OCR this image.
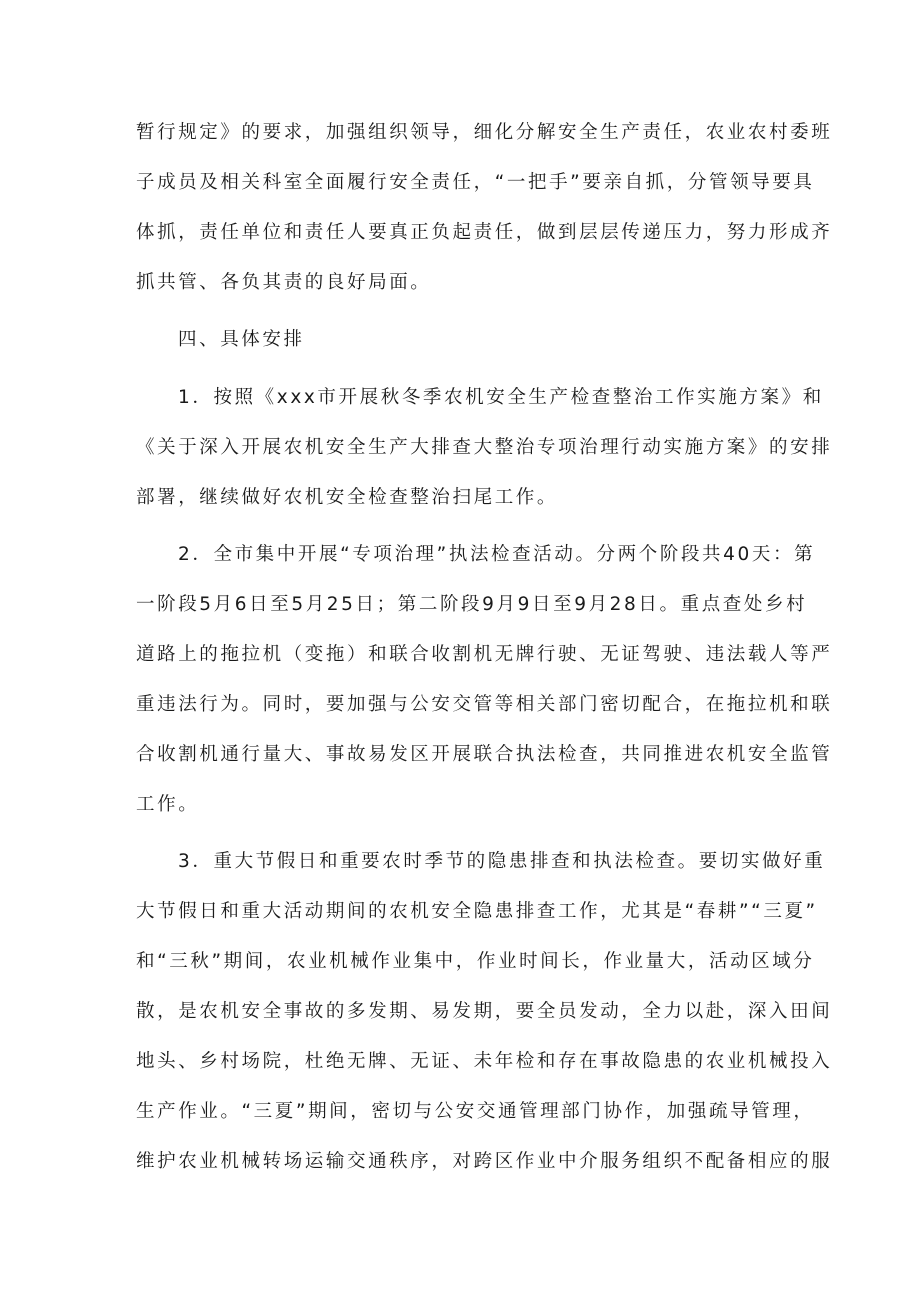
暂行规定》的要求，加强组织领导，细化分解安全生产责任，农业农村委班
子成员及相关科室全面履行安全责任，“一把手”要亲自抓，分管领导要具
体抓，责任单位和责任人要真正负起责任，做到层层传递压力，努力形成齐
抓共管、各负其责的良好局面。
四、具体安排
1．按照《xxx市开展秋冬季农机安全生产检查整治工作实施方案》和
《关于深入开展农机安全生产大排查大整治专项治理行动实施方案》的安排
部署，继续做好农机安全检查整治扫尾工作。
2．全市集中开展“专项治理”执法检查活动。分两个阶段共40天：第
一阶段5月6日至5月25日；第二阶段9月9日至9月28日。重点查处乡村
道路上的拖拉机（变拖）和联合收割机无牌行驶、无证驾驶、违法载人等严
重违法行为。同时，要加强与公安交管等相关部门密切配合，在拖拉机和联
合收割机通行量大、事故易发区开展联合执法检查，共同推进农机安全监管
工作。
3．重大节假日和重要农时季节的隐患排查和执法检查。要切实做好重
大节假日和重大活动期间的农机安全隐患排查工作，尤其是“春耕”“三夏”
和“三秋”期间，农业机械作业集中，作业时间长，作业量大，活动区域分
散，是农机安全事故的多发期、易发期，要全员发动，全力以赴，深入田间
地头、乡村场院，杜绝无牌、无证、未年检和存在事故隐患的农业机械投入
生产作业。“三夏”期间，密切与公安交通管理部门协作，加强疏导管理，
维护农业机械转场运输交通秩序，对跨区作业中介服务组织不配备相应的服
